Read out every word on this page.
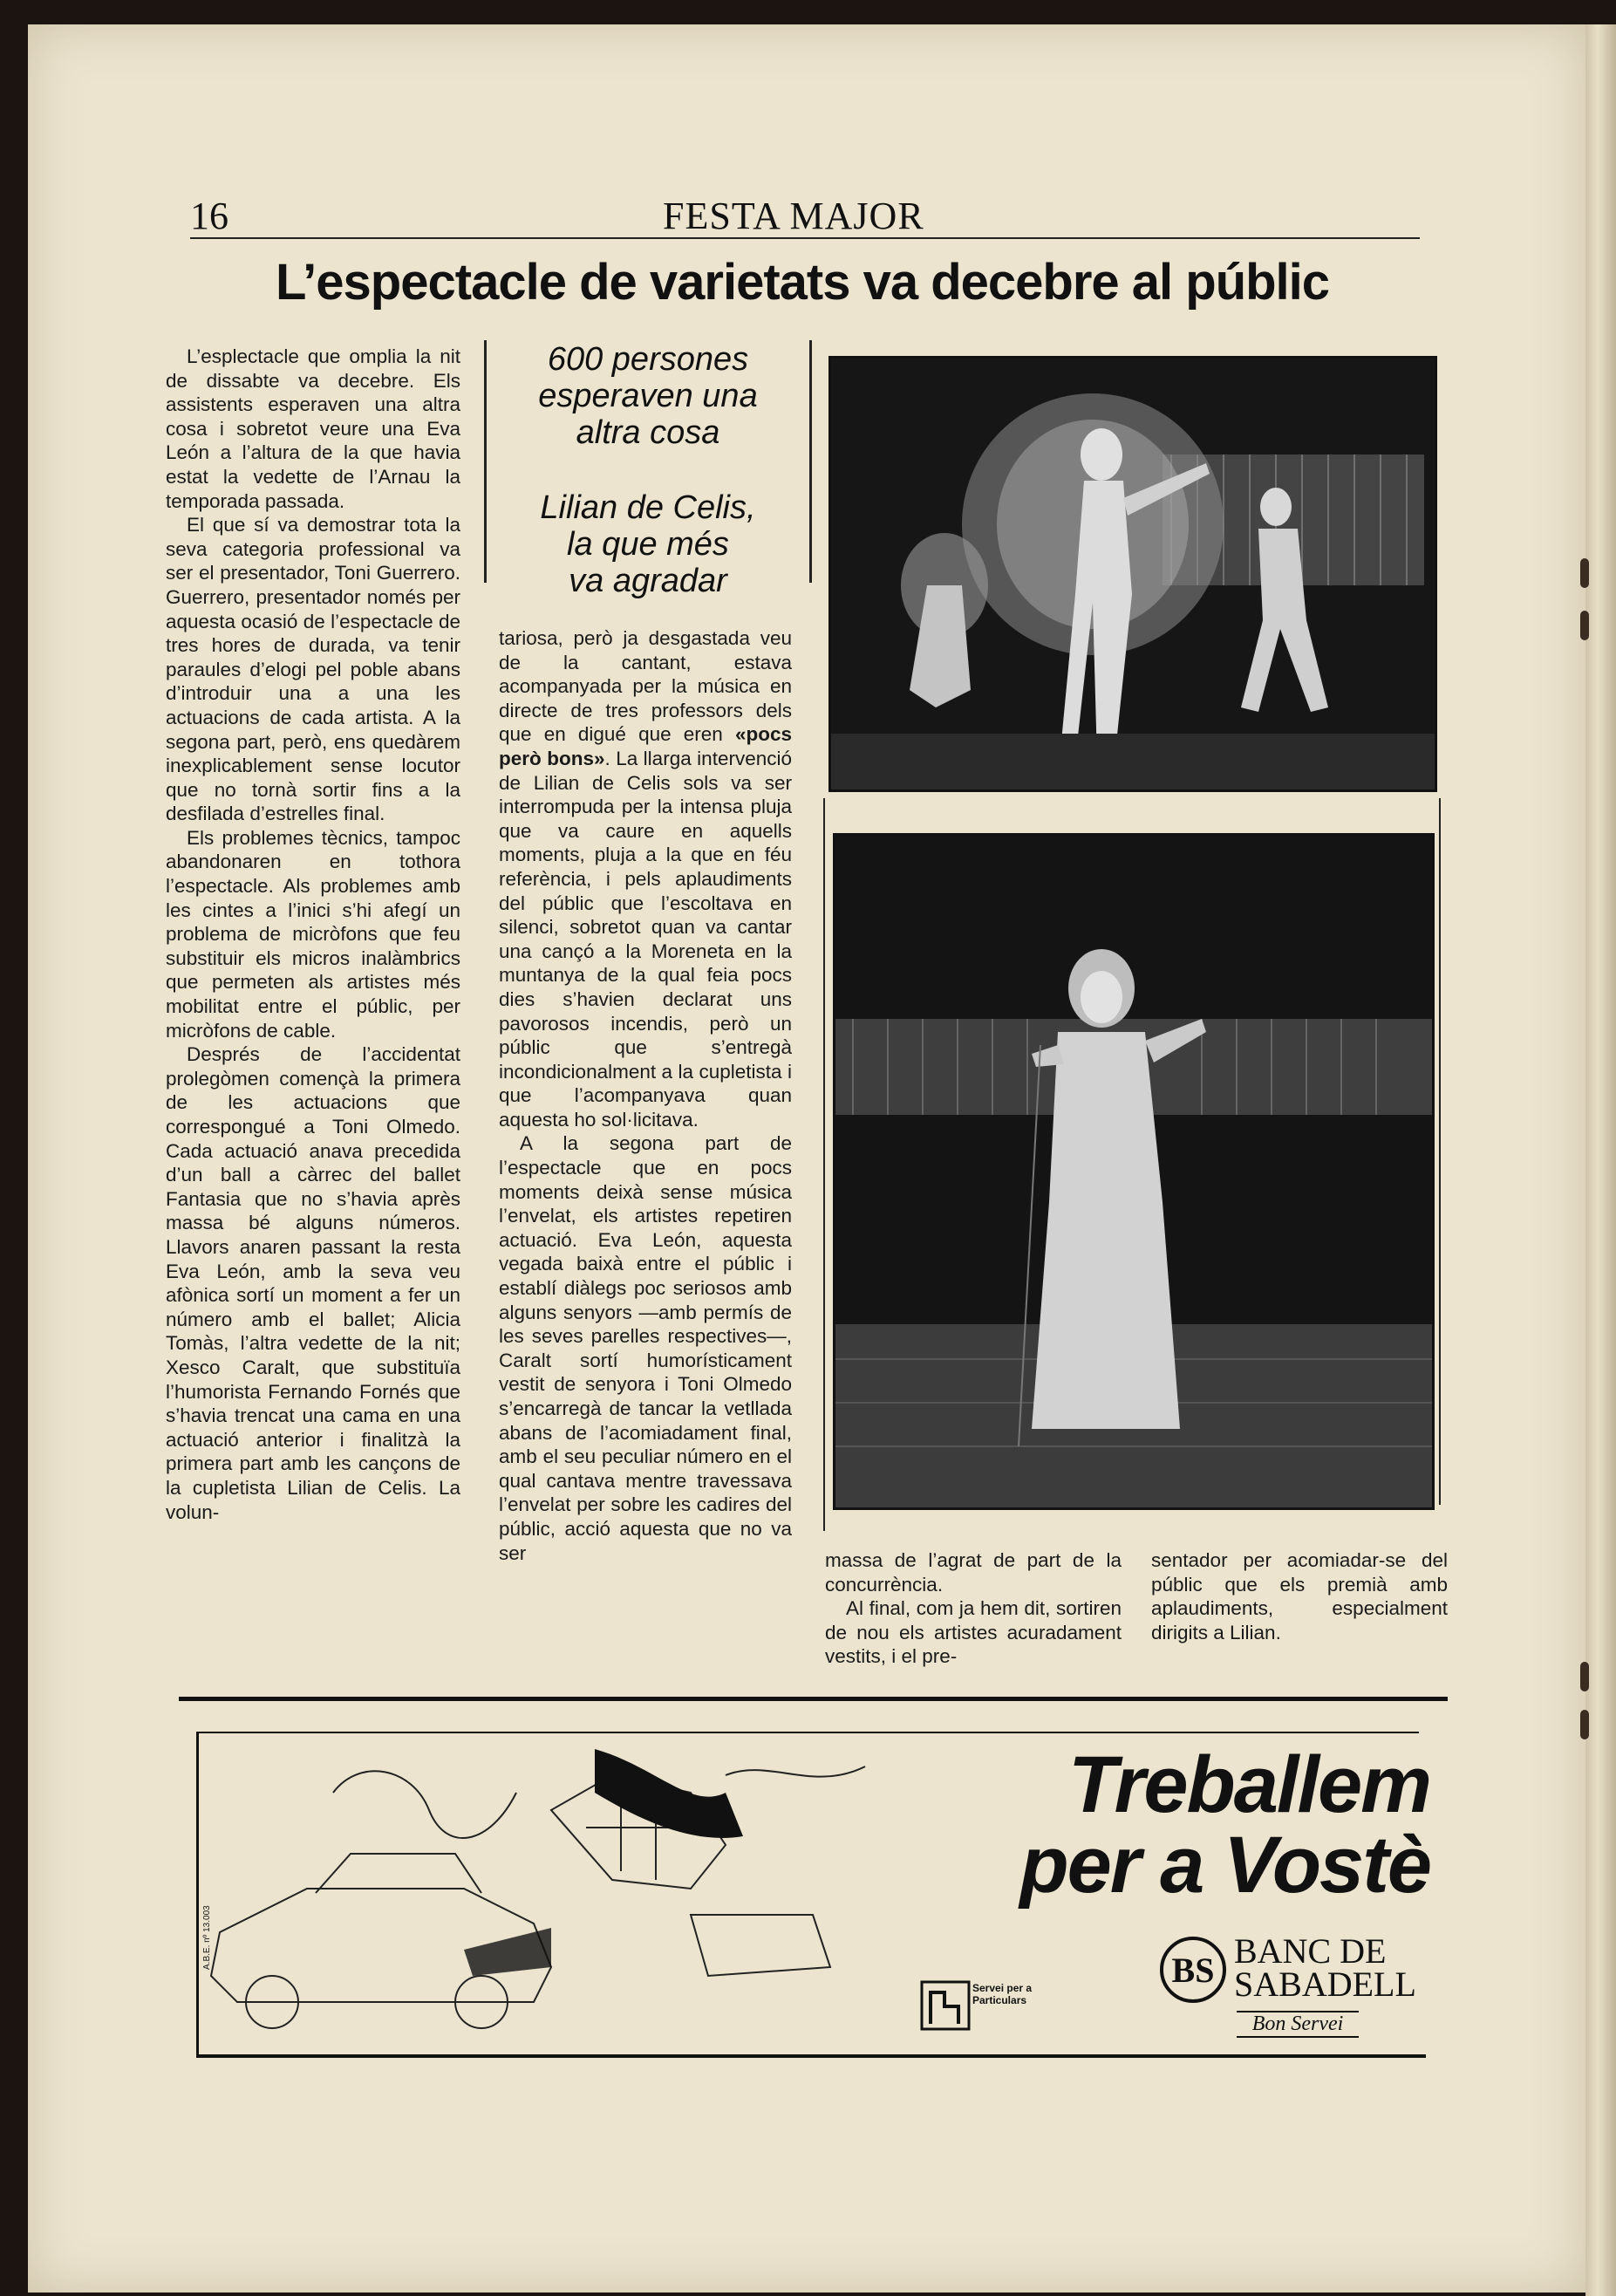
16	FESTA MAJOR
L’espectacle de varietats va decebre al públic

L’esplectacle que omplia la nit de dissabte va decebre. Els assistents esperaven una altra cosa i sobretot veure una Eva León a l’altura de la que havia estat la vedette de l’Arnau la temporada passada.

El que sí va demostrar tota la seva categoria professional va ser el presentador, Toni Guerrero. Guerrero, presentador només per aquesta ocasió de l’espectacle de tres hores de durada, va tenir paraules d’elogi pel poble abans d’introduir una a una les actuacions de cada artista. A la segona part, però, ens quedàrem inexplicablement sense locutor que no tornà sortir fins a la desfilada d’estrelles final.

Els problemes tècnics, tampoc abandonaren en tothora l’espectacle. Als problemes amb les cintes a l’inici s’hi afegí un problema de micròfons que feu substituir els micros inalàmbrics que permeten als artistes més mobilitat entre el públic, per micròfons de cable.

Després de l’accidentat prolegòmen començà la primera de les actuacions que correspongué a Toni Olmedo. Cada actuació anava precedida d’un ball a càrrec del ballet Fantasia que no s’havia après massa bé alguns números. Llavors anaren passant la resta Eva León, amb la seva veu afònica sortí un moment a fer un número amb el ballet; Alicia Tomàs, l’altra vedette de la nit; Xesco Caralt, que substituïa l’humorista Fernando Fornés que s’havia trencat una cama en una actuació anterior i finalitzà la primera part amb les cançons de la cupletista Lilian de Celis. La volun-

600 persones
esperaven una
altra cosa
Lilian de Celis,
la que més
va agradar

tariosa, però ja desgastada veu de la cantant, estava acompanyada per la música en directe de tres professors dels que en digué que eren «pocs però bons». La llarga intervenció de Lilian de Celis sols va ser interrompuda per la intensa pluja que va caure en aquells moments, pluja a la que en féu referència, i pels aplaudiments del públic que l’escoltava en silenci, sobretot quan va cantar una cançó a la Moreneta en la muntanya de la qual feia pocs dies s’havien declarat uns pavorosos incendis, però un públic que s’entregà incondicionalment a la cupletista i que l’acompanyava quan aquesta ho sol·licitava.

A la segona part de l’espectacle que en pocs moments deixà sense música l’envelat, els artistes repetiren actuació. Eva León, aquesta vegada baixà entre el públic i establí diàlegs poc seriosos amb alguns senyors —amb permís de les seves parelles respectives—, Caralt sortí humorísticament vestit de senyora i Toni Olmedo s’encarregà de tancar la vetllada abans de l’acomiadament final, amb el seu peculiar número en el qual cantava mentre travessava l’envelat per sobre les cadires del públic, acció aquesta que no va ser	massa de l’agrat de part de la concurrència.

Al final, com ja hem dit, sortiren de nou els artistes acuradament vestits, i el pre-

sentador per acomiadar-se del públic que els premià amb aplaudiments, especialment dirigits a Lilian.

Treballem
per a Vostè
Servei per a
Particulars
BS BANC DE
SABADELL
Bon Servei
A.B.E. nº 13.003
